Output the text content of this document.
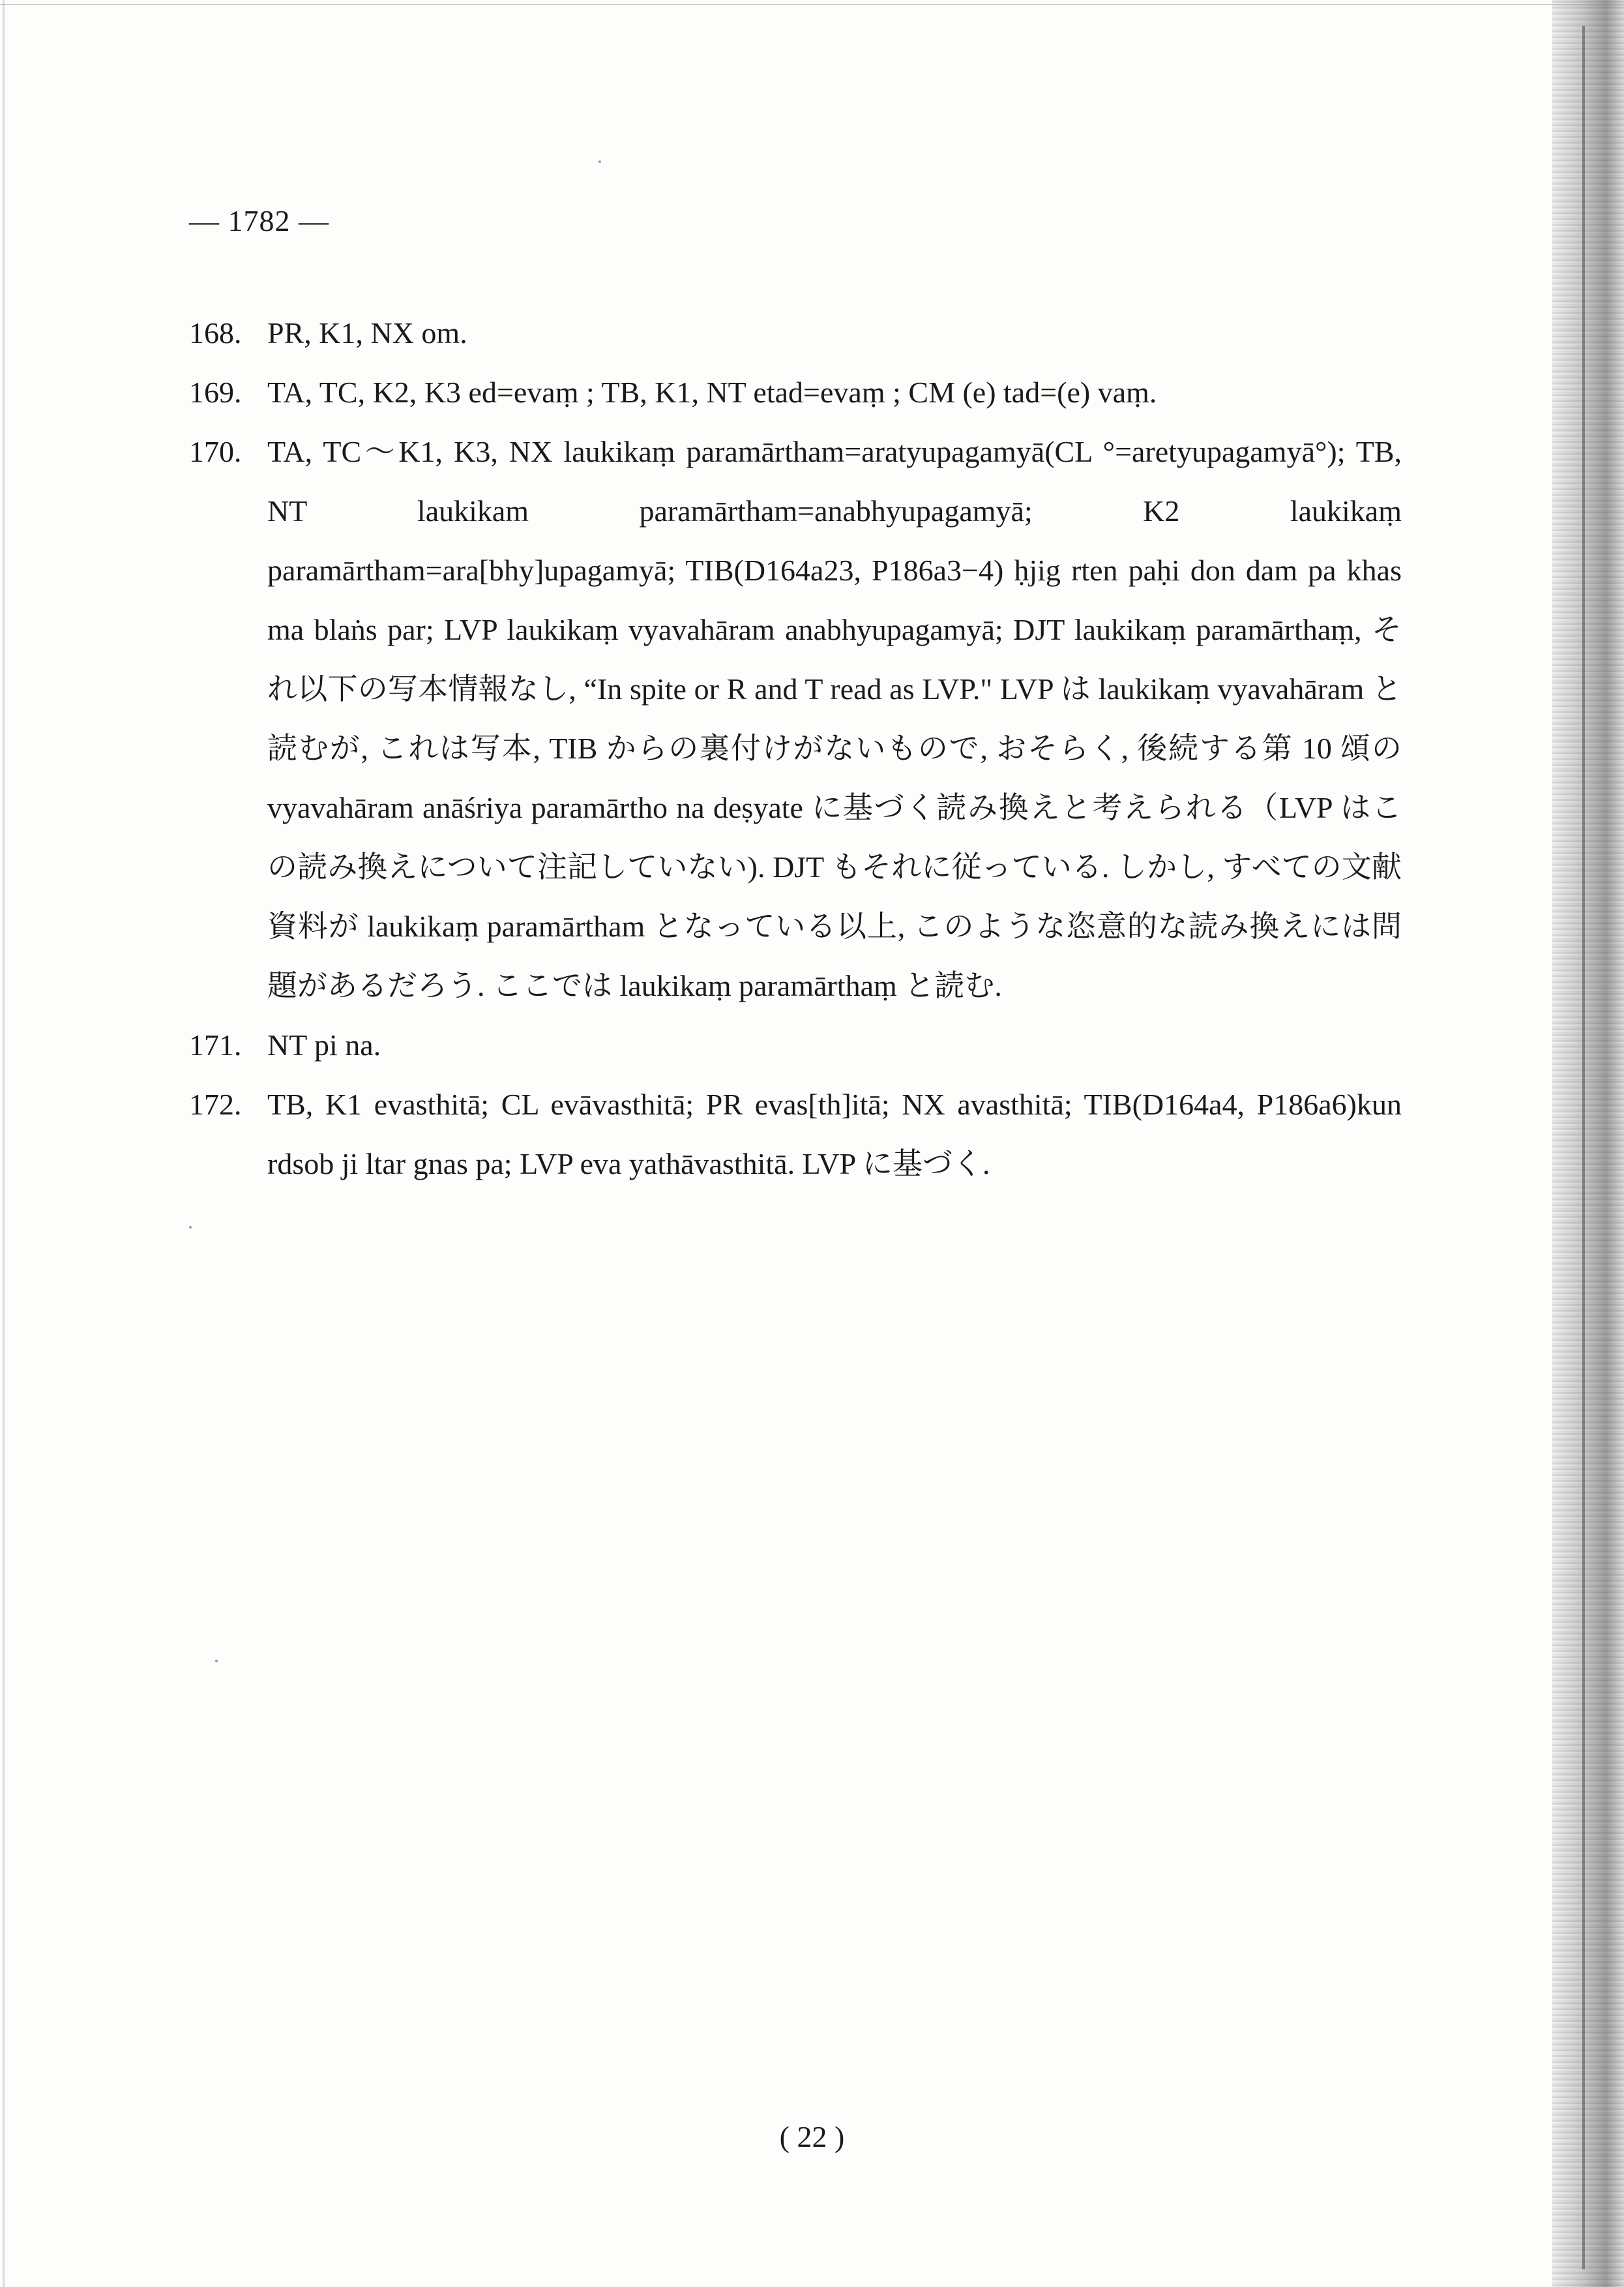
— 1782 —
168. PR, K1, NX om.
169. TA, TC, K2, K3 ed=evaṃ ; TB, K1, NT etad=evaṃ ; CM (e) tad=(e) vaṃ.
170. TA, TC〜K1, K3, NX laukikaṃ paramārtham=aratyupagamyā(CL °=aretyupagamyā°); TB, NT laukikam paramārtham=anabhyupagamyā; K2 laukikaṃ paramārtham=ara[bhy]upagamyā; TIB(D164a23, P186a3−4) ḥjig rten paḥi don dam pa khas ma blaṅs par; LVP laukikaṃ vyavahāram anabhyupagamyā; DJT laukikaṃ paramārthaṃ, それ以下の写本情報なし, “In spite or R and T read as LVP." LVP は laukikaṃ vyavahāram と読むが, これは写本, TIB からの裏付けがないもので, おそらく, 後続する第 10 頌の vyavahāram anāśriya paramārtho na deṣyate に基づく読み換えと考えられる（LVP はこの読み換えについて注記していない). DJT もそれに従っている. しかし, すべての文献資料が laukikaṃ paramārtham となっている以上, このような恣意的な読み換えには問題があるだろう. ここでは laukikaṃ paramārthaṃ と読む.
171. NT pi na.
172. TB, K1 evasthitā; CL evāvasthitā; PR evas[th]itā; NX avasthitā; TIB(D164a4, P186a6)kun rdsob ji ltar gnas pa; LVP eva yathāvasthitā. LVP に基づく.
( 22 )
